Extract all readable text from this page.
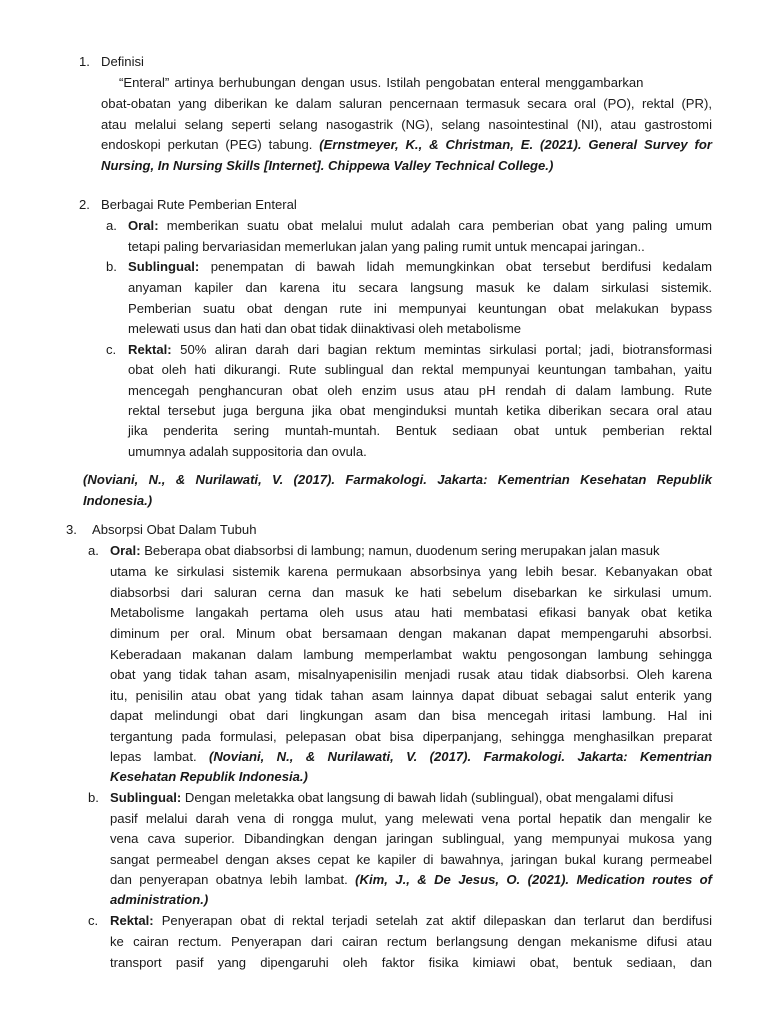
1. Definisi
“Enteral” artinya berhubungan dengan usus. Istilah pengobatan enteral menggambarkan
obat-obatan yang diberikan ke dalam saluran pencernaan termasuk secara oral (PO), rektal (PR),
atau melalui selang seperti selang nasogastrik (NG), selang nasointestinal (NI), atau gastrostomi
endoskopi perkutan (PEG) tabung. (Ernstmeyer, K., & Christman, E. (2021). General Survey for
Nursing, In Nursing Skills [Internet]. Chippewa Valley Technical College.)
2. Berbagai Rute Pemberian Enteral
a. Oral: memberikan suatu obat melalui mulut adalah cara pemberian obat yang paling umum
tetapi paling bervariasidan memerlukan jalan yang paling rumit untuk mencapai jaringan..
b. Sublingual: penempatan di bawah lidah memungkinkan obat tersebut berdifusi kedalam
anyaman kapiler dan karena itu secara langsung masuk ke dalam sirkulasi sistemik.
Pemberian suatu obat dengan rute ini mempunyai keuntungan obat melakukan bypass
melewati usus dan hati dan obat tidak diinaktivasi oleh metabolisme
c. Rektal: 50% aliran darah dari bagian rektum memintas sirkulasi portal; jadi, biotransformasi
obat oleh hati dikurangi. Rute sublingual dan rektal mempunyai keuntungan tambahan, yaitu
mencegah penghancuran obat oleh enzim usus atau pH rendah di dalam lambung. Rute
rektal tersebut juga berguna jika obat menginduksi muntah ketika diberikan secara oral atau
jika penderita sering muntah-muntah. Bentuk sediaan obat untuk pemberian rektal
umumnya adalah suppositoria dan ovula.
(Noviani, N., & Nurilawati, V. (2017). Farmakologi. Jakarta: Kementrian Kesehatan Republik
Indonesia.)
3. Absorpsi Obat Dalam Tubuh
a. Oral: Beberapa obat diabsorbsi di lambung; namun, duodenum sering merupakan jalan masuk
utama ke sirkulasi sistemik karena permukaan absorbsinya yang lebih besar. Kebanyakan obat
diabsorbsi dari saluran cerna dan masuk ke hati sebelum disebarkan ke sirkulasi umum.
Metabolisme langakah pertama oleh usus atau hati membatasi efikasi banyak obat ketika
diminum per oral. Minum obat bersamaan dengan makanan dapat mempengaruhi absorbsi.
Keberadaan makanan dalam lambung memperlambat waktu pengosongan lambung sehingga
obat yang tidak tahan asam, misalnyapenisilin menjadi rusak atau tidak diabsorbsi. Oleh karena
itu, penisilin atau obat yang tidak tahan asam lainnya dapat dibuat sebagai salut enterik yang
dapat melindungi obat dari lingkungan asam dan bisa mencegah iritasi lambung. Hal ini
tergantung pada formulasi, pelepasan obat bisa diperpanjang, sehingga menghasilkan preparat
lepas lambat. (Noviani, N., & Nurilawati, V. (2017). Farmakologi. Jakarta: Kementrian
Kesehatan Republik Indonesia.)
b. Sublingual: Dengan meletakka obat langsung di bawah lidah (sublingual), obat mengalami difusi
pasif melalui darah vena di rongga mulut, yang melewati vena portal hepatik dan mengalir ke
vena cava superior. Dibandingkan dengan jaringan sublingual, yang mempunyai mukosa yang
sangat permeabel dengan akses cepat ke kapiler di bawahnya, jaringan bukal kurang permeabel
dan penyerapan obatnya lebih lambat. (Kim, J., & De Jesus, O. (2021). Medication routes of
administration.)
c. Rektal: Penyerapan obat di rektal terjadi setelah zat aktif dilepaskan dan terlarut dan berdifusi
ke cairan rectum. Penyerapan dari cairan rectum berlangsung dengan mekanisme difusi atau
transport pasif yang dipengaruhi oleh faktor fisika kimiawi obat, bentuk sediaan, dan
